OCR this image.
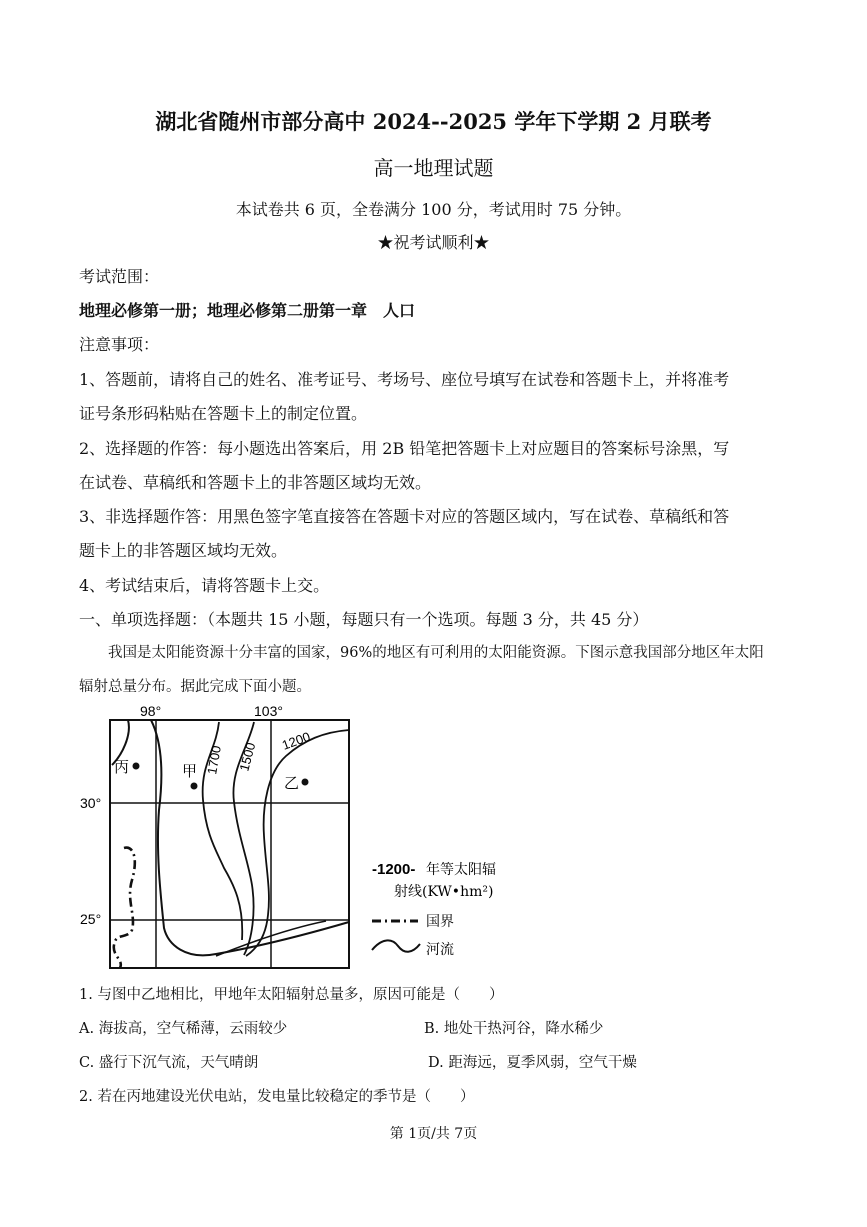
湖北省随州市部分高中 2024--2025 学年下学期 2 月联考
高一地理试题
本试卷共 6 页，全卷满分 100 分，考试用时 75 分钟。
★祝考试顺利★
考试范围：
地理必修第一册；地理必修第二册第一章　人口
注意事项：
1、答题前，请将自己的姓名、准考证号、考场号、座位号填写在试卷和答题卡上，并将准考
证号条形码粘贴在答题卡上的制定位置。
2、选择题的作答：每小题选出答案后，用 2B 铅笔把答题卡上对应题目的答案标号涂黑，写
在试卷、草稿纸和答题卡上的非答题区域均无效。
3、非选择题作答：用黑色签字笔直接答在答题卡对应的答题区域内，写在试卷、草稿纸和答
题卡上的非答题区域均无效。
4、考试结束后，请将答题卡上交。
一、单项选择题：（本题共 15 小题，每题只有一个选项。每题 3 分，共 45 分）
我国是太阳能资源十分丰富的国家，96%的地区有可利用的太阳能资源。下图示意我国部分地区年太阳
辐射总量分布。据此完成下面小题。
98°	103°
30°
25°
1700 1500
1200
丙	甲
乙
-1200- 年等太阳辐
射线(KW•hm²)
国界
河流
1. 与图中乙地相比，甲地年太阳辐射总量多，原因可能是（　　）
A. 海拔高，空气稀薄，云雨较少	B. 地处干热河谷，降水稀少
C. 盛行下沉气流，天气晴朗	D. 距海远，夏季风弱，空气干燥
2. 若在丙地建设光伏电站，发电量比较稳定的季节是（　　）
第 1页/共 7页
